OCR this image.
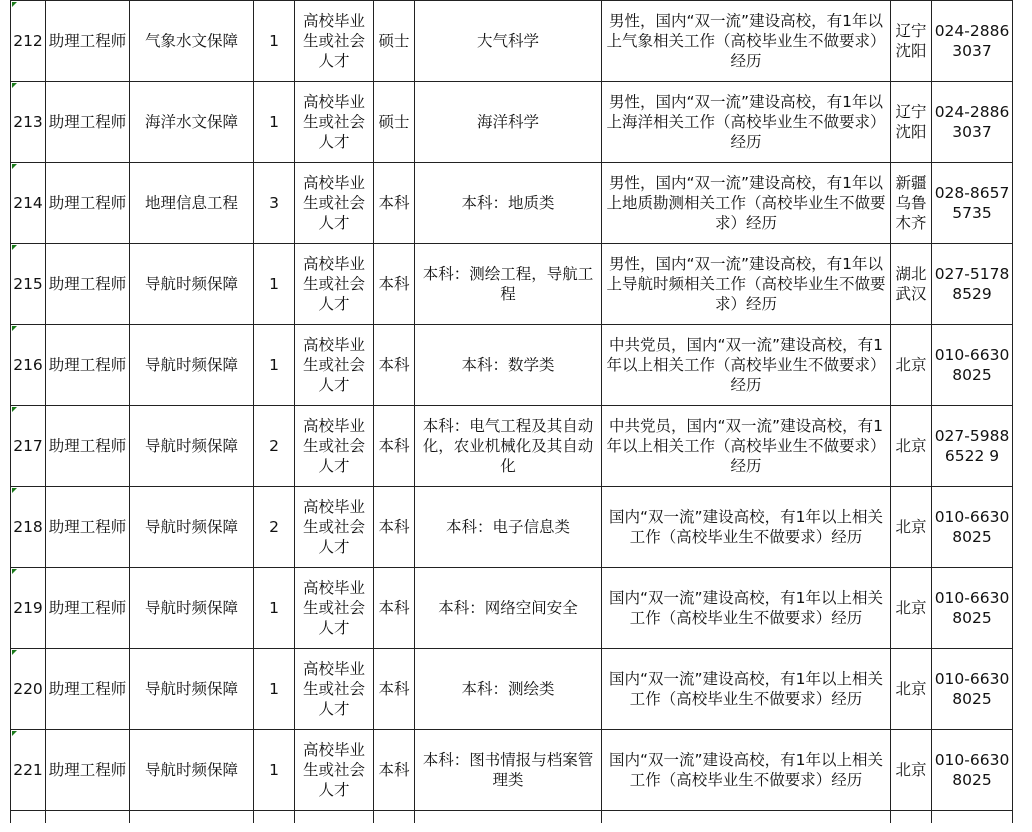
212	助理工程师	气象水文保障	1	高校毕业生或社会人才	硕士	大气科学	男性，国内“双一流”建设高校，有1年以上气象相关工作（高校毕业生不做要求）经历	辽宁沈阳	024-28863037
213	助理工程师	海洋水文保障	1	高校毕业生或社会人才	硕士	海洋科学	男性，国内“双一流”建设高校，有1年以上海洋相关工作（高校毕业生不做要求）经历	辽宁沈阳	024-28863037
214	助理工程师	地理信息工程	3	高校毕业生或社会人才	本科	本科：地质类	男性，国内“双一流”建设高校，有1年以上地质勘测相关工作（高校毕业生不做要求）经历	新疆乌鲁木齐	028-86575735
215	助理工程师	导航时频保障	1	高校毕业生或社会人才	本科	本科：测绘工程，导航工程	男性，国内“双一流”建设高校，有1年以上导航时频相关工作（高校毕业生不做要求）经历	湖北武汉	027-51788529
216	助理工程师	导航时频保障	1	高校毕业生或社会人才	本科	本科：数学类	中共党员，国内“双一流”建设高校，有1年以上相关工作（高校毕业生不做要求）经历	北京	010-66308025
217	助理工程师	导航时频保障	2	高校毕业生或社会人才	本科	本科：电气工程及其自动化，农业机械化及其自动化	中共党员，国内“双一流”建设高校，有1年以上相关工作（高校毕业生不做要求）经历	北京	027-59886522 9
218	助理工程师	导航时频保障	2	高校毕业生或社会人才	本科	本科：电子信息类	国内“双一流”建设高校，有1年以上相关工作（高校毕业生不做要求）经历	北京	010-66308025
219	助理工程师	导航时频保障	1	高校毕业生或社会人才	本科	本科：网络空间安全	国内“双一流”建设高校，有1年以上相关工作（高校毕业生不做要求）经历	北京	010-66308025
220	助理工程师	导航时频保障	1	高校毕业生或社会人才	本科	本科：测绘类	国内“双一流”建设高校，有1年以上相关工作（高校毕业生不做要求）经历	北京	010-66308025
221	助理工程师	导航时频保障	1	高校毕业生或社会人才	本科	本科：图书情报与档案管理类	国内“双一流”建设高校，有1年以上相关工作（高校毕业生不做要求）经历	北京	010-66308025
